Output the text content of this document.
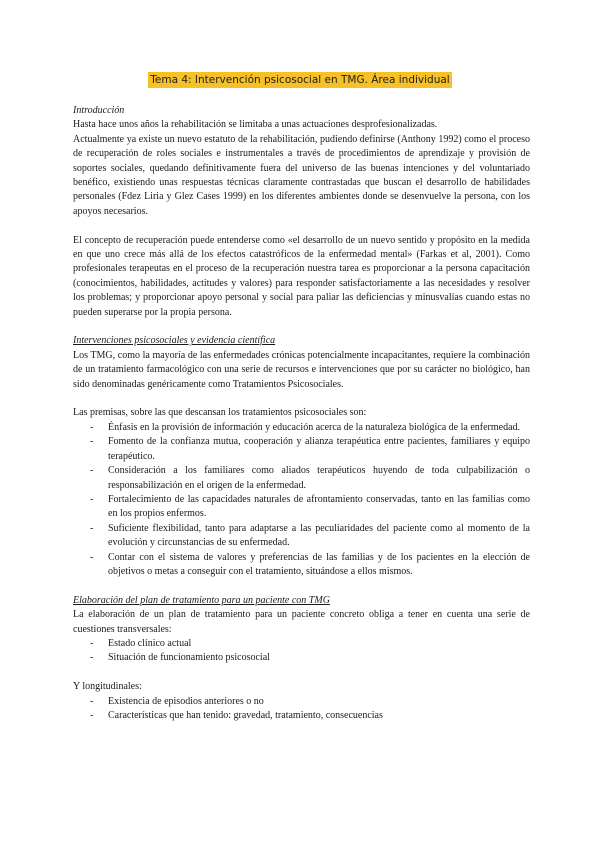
Tema 4: Intervención psicosocial en TMG. Área individual

Introducción

Hasta hace unos años la rehabilitación se limitaba a unas actuaciones desprofesionalizadas.

Actualmente ya existe un nuevo estatuto de la rehabilitación, pudiendo definirse (Anthony 1992) como el proceso de recuperación de roles sociales e instrumentales a través de procedimientos de aprendizaje y provisión de soportes sociales, quedando definitivamente fuera del universo de las buenas intenciones y del voluntariado benéfico, existiendo unas respuestas técnicas claramente contrastadas que buscan el desarrollo de habilidades personales (Fdez Liria y Glez Cases 1999) en los diferentes ambientes donde se desenvuelve la persona, con los apoyos necesarios.

El concepto de recuperación puede entenderse como «el desarrollo de un nuevo sentido y propósito en la medida en que uno crece más allá de los efectos catastróficos de la enfermedad mental» (Farkas et al, 2001). Como profesionales terapeutas en el proceso de la recuperación nuestra tarea es proporcionar a la persona capacitación (conocimientos, habilidades, actitudes y valores) para responder satisfactoriamente a las necesidades y resolver los problemas; y proporcionar apoyo personal y social para paliar las deficiencias y minusvalías cuando estas no pueden superarse por la propia persona.

Intervenciones psicosociales y evidencia científica

Los TMG, como la mayoría de las enfermedades crónicas potencialmente incapacitantes, requiere la combinación de un tratamiento farmacológico con una serie de recursos e intervenciones que por su carácter no biológico, han sido denominadas genéricamente como Tratamientos Psicosociales.

Las premisas, sobre las que descansan los tratamientos psicosociales son:

- Énfasis en la provisión de información y educación acerca de la naturaleza biológica de la enfermedad.
- Fomento de la confianza mutua, cooperación y alianza terapéutica entre pacientes, familiares y equipo terapéutico.
- Consideración a los familiares como aliados terapéuticos huyendo de toda culpabilización o responsabilización en el origen de la enfermedad.
- Fortalecimiento de las capacidades naturales de afrontamiento conservadas, tanto en las familias como en los propios enfermos.
- Suficiente flexibilidad, tanto para adaptarse a las peculiaridades del paciente como al momento de la evolución y circunstancias de su enfermedad.
- Contar con el sistema de valores y preferencias de las familias y de los pacientes en la elección de objetivos o metas a conseguir con el tratamiento, situándose a ellos mismos.

Elaboración del plan de tratamiento para un paciente con TMG

La elaboración de un plan de tratamiento para un paciente concreto obliga a tener en cuenta una serie de cuestiones transversales:

- Estado clínico actual
- Situación de funcionamiento psicosocial

Y longitudinales:

- Existencia de episodios anteriores o no
- Características que han tenido: gravedad, tratamiento, consecuencias
